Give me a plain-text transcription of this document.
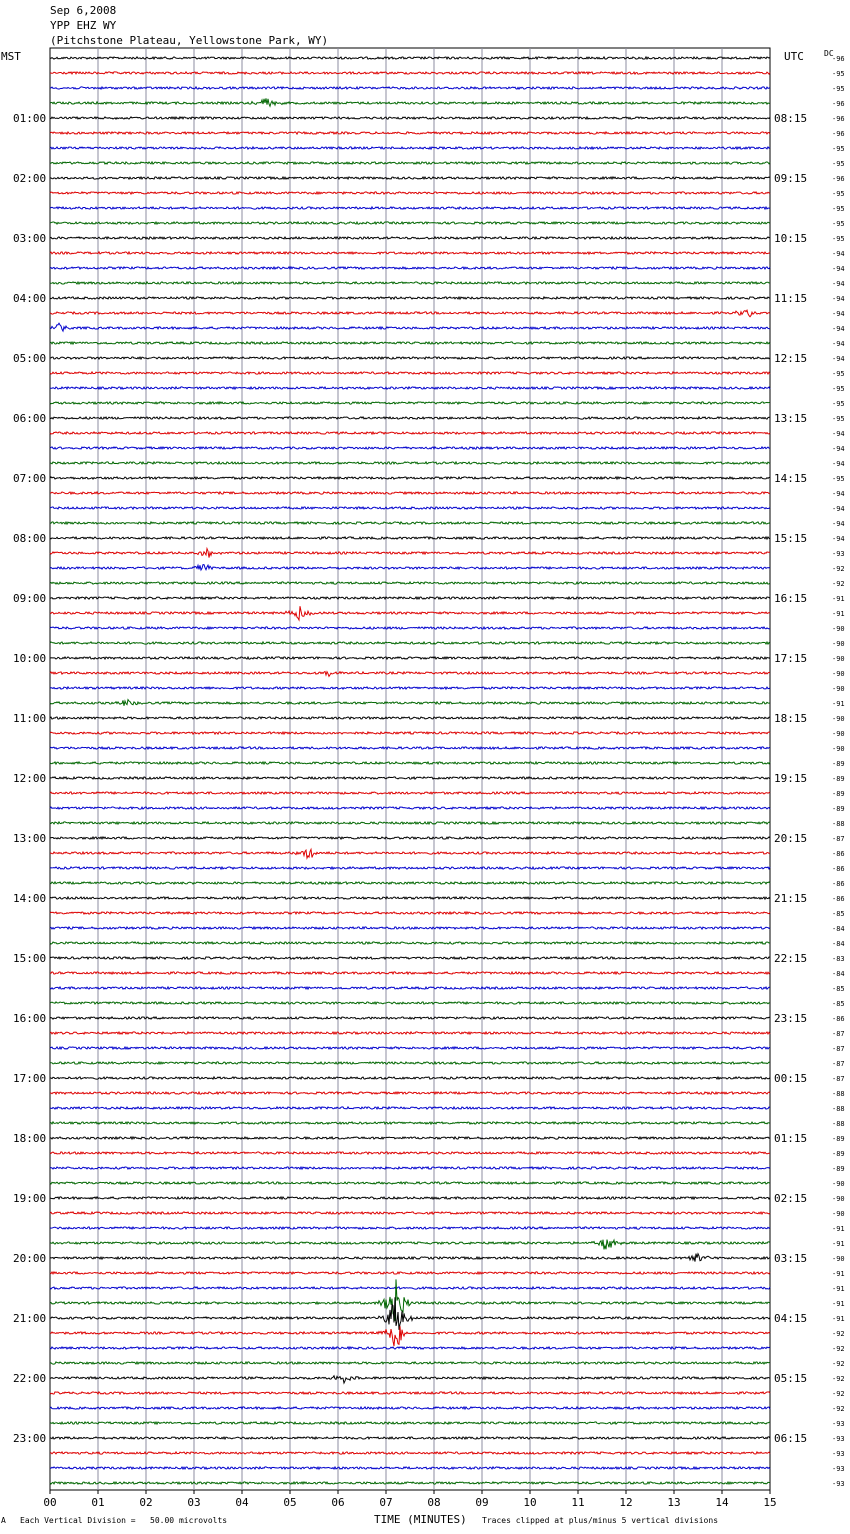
Sep 6,2008
YPP EHZ WY
(Pitchstone Plateau, Yellowstone Park, WY)
MST	UTC	DC
-96
-95
-95
-96
-96
-96
-95
-95
-96
-95
-95
-95
-95
-94
-94
-94
-94
-94
-94
-94
-94
-95
-95
-95
-95
-94
-94
-94
-95
-94
-94
-94
-94
-93
-92
-92
-91
-91
-90
-90
-90
-90
-90
-91
-90
-90
-90
-89
-89
-89
-89
-88
-87
-86
-86
-86
-86
-85
-84
-84
-83
-84
-85
-85
-86
-87
-87
-87
-87
-88
-88
-88
-89
-89
-89
-90
-90
-90
-91
-91
-90
-91
-91
-91
-91
-92
-92
-92
-92
-92
-92
-93
-93
-93
-93
-93
01:00	08:15
02:00	09:15
03:00	10:15
04:00	11:15
05:00	12:15
06:00	13:15
07:00	14:15
08:00	15:15
09:00	16:15
10:00	17:15
11:00	18:15
12:00	19:15
13:00	20:15
14:00	21:15
15:00	22:15
16:00	23:15
17:00	00:15
18:00	01:15
19:00	02:15
20:00	03:15
21:00	04:15
22:00	05:15
23:00	06:15
00	01	02	03	04	05	06	07	08	09	10	11	12	13	14	15
A Each Vertical Division =   50.00 microvolts	TIME (MINUTES) Traces clipped at plus/minus 5 vertical divisions
